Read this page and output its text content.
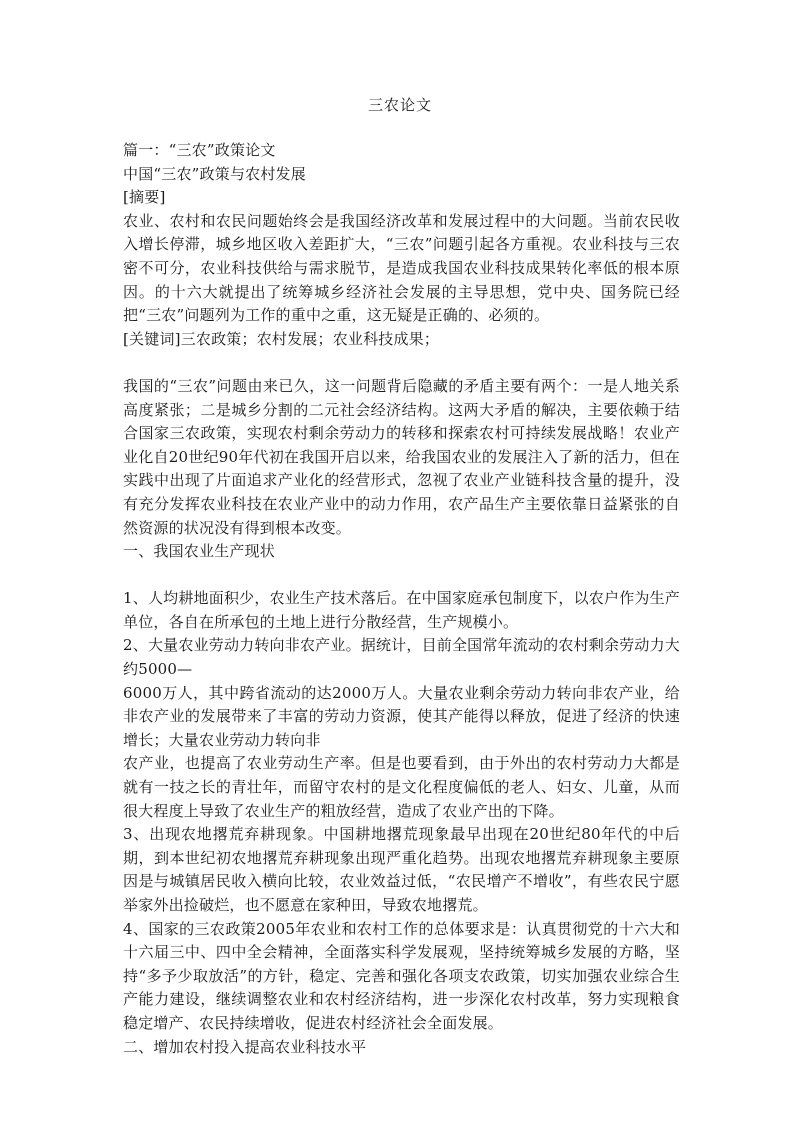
三农论文

篇一：“三农”政策论文

中国“三农”政策与农村发展

[摘要]

农业、农村和农民问题始终会是我国经济改革和发展过程中的大问题。当前农民收入增长停滞，城乡地区收入差距扩大，“三农”问题引起各方重视。农业科技与三农密不可分，农业科技供给与需求脱节，是造成我国农业科技成果转化率低的根本原因。的十六大就提出了统筹城乡经济社会发展的主导思想，党中央、国务院已经把“三农”问题列为工作的重中之重，这无疑是正确的、必须的。

[关键词]三农政策；农村发展；农业科技成果；

我国的“三农”问题由来已久，这一问题背后隐藏的矛盾主要有两个：一是人地关系高度紧张；二是城乡分割的二元社会经济结构。这两大矛盾的解决，主要依赖于结合国家三农政策，实现农村剩余劳动力的转移和探索农村可持续发展战略！农业产业化自20世纪90年代初在我国开启以来，给我国农业的发展注入了新的活力，但在实践中出现了片面追求产业化的经营形式，忽视了农业产业链科技含量的提升，没有充分发挥农业科技在农业产业中的动力作用，农产品生产主要依靠日益紧张的自然资源的状况没有得到根本改变。

一、我国农业生产现状

1、人均耕地面积少，农业生产技术落后。在中国家庭承包制度下，以农户作为生产单位，各自在所承包的土地上进行分散经营，生产规模小。

2、大量农业劳动力转向非农产业。据统计，目前全国常年流动的农村剩余劳动力大约5000—

6000万人，其中跨省流动的达2000万人。大量农业剩余劳动力转向非农产业，给非农产业的发展带来了丰富的劳动力资源，使其产能得以释放，促进了经济的快速增长；大量农业劳动力转向非

农产业，也提高了农业劳动生产率。但是也要看到，由于外出的农村劳动力大都是就有一技之长的青壮年，而留守农村的是文化程度偏低的老人、妇女、儿童，从而很大程度上导致了农业生产的粗放经营，造成了农业产出的下降。

3、出现农地撂荒弃耕现象。中国耕地撂荒现象最早出现在20世纪80年代的中后期，到本世纪初农地撂荒弃耕现象出现严重化趋势。出现农地撂荒弃耕现象主要原因是与城镇居民收入横向比较，农业效益过低，“农民增产不增收”，有些农民宁愿举家外出捡破烂，也不愿意在家种田，导致农地撂荒。

4、国家的三农政策2005年农业和农村工作的总体要求是：认真贯彻党的十六大和十六届三中、四中全会精神，全面落实科学发展观，坚持统筹城乡发展的方略，坚持“多予少取放活”的方针，稳定、完善和强化各项支农政策，切实加强农业综合生产能力建设，继续调整农业和农村经济结构，进一步深化农村改革，努力实现粮食稳定增产、农民持续增收，促进农村经济社会全面发展。

二、增加农村投入提高农业科技水平
